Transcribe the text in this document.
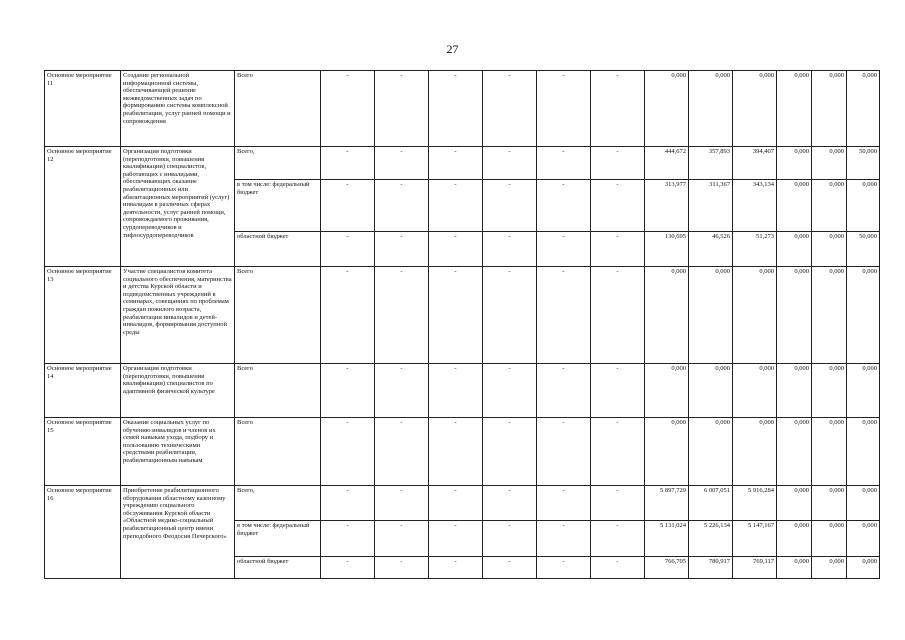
27
Основное мероприятие 11	Создание региональной информационной системы, обеспечивающей решение межведомственных задач по формированию системы комплексной реабилитации, услуг ранней помощи и сопровождения	Всего	-	-	-	-	-	-	0,000	0,000	0,000	0,000	0,000	0,000
Основное мероприятие 12	Организация подготовки (переподготовки, повышения квалификации) специалистов, работающих с инвалидами, обеспечивающих оказание реабилитационных или абилитационных мероприятий (услуг) инвалидам в различных сферах деятельности, услуг ранней помощи, сопровождаемого проживания, сурдопереводчиков и тифлосурдопереводчиков	Всего,	-	-	-	-	-	-	444,672	357,893	394,407	0,000	0,000	50,000
		в том числе: федеральный бюджет	-	-	-	-	-	-	313,977	311,367	343,134	0,000	0,000	0,000
		областной бюджет	-	-	-	-	-	-	130,695	46,526	51,273	0,000	0,000	50,000
Основное мероприятие 13	Участие специалистов комитета социального обеспечения, материнства и детства Курской области и подведомственных учреждений в семинарах, совещаниях по проблемам граждан пожилого возраста, реабилитации инвалидов и детей-инвалидов, формирования доступной среды	Всего	-	-	-	-	-	-	0,000	0,000	0,000	0,000	0,000	0,000
Основное мероприятие 14	Организация подготовки (переподготовки, повышения квалификации) специалистов по адаптивной физической культуре	Всего	-	-	-	-	-	-	0,000	0,000	0,000	0,000	0,000	0,000
Основное мероприятие 15	Оказание социальных услуг по обучению инвалидов и членов их семей навыкам ухода, подбору и пользованию техническими средствами реабилитации, реабилитационным навыкам	Всего	-	-	-	-	-	-	0,000	0,000	0,000	0,000	0,000	0,000
Основное мероприятие 16	Приобретение реабилитационного оборудования областному казенному учреждению социального обслуживания Курской области «Областной медико-социальный реабилитационный центр имени преподобного Феодосия Печерского»	Всего,	-	-	-	-	-	-	5 897,729	6 007,051	5 916,284	0,000	0,000	0,000
		в том числе: федеральный бюджет	-	-	-	-	-	-	5 131,024	5 226,134	5 147,167	0,000	0,000	0,000
		областной бюджет	-	-	-	-	-	-	766,705	780,917	769,117	0,000	0,000	0,000
